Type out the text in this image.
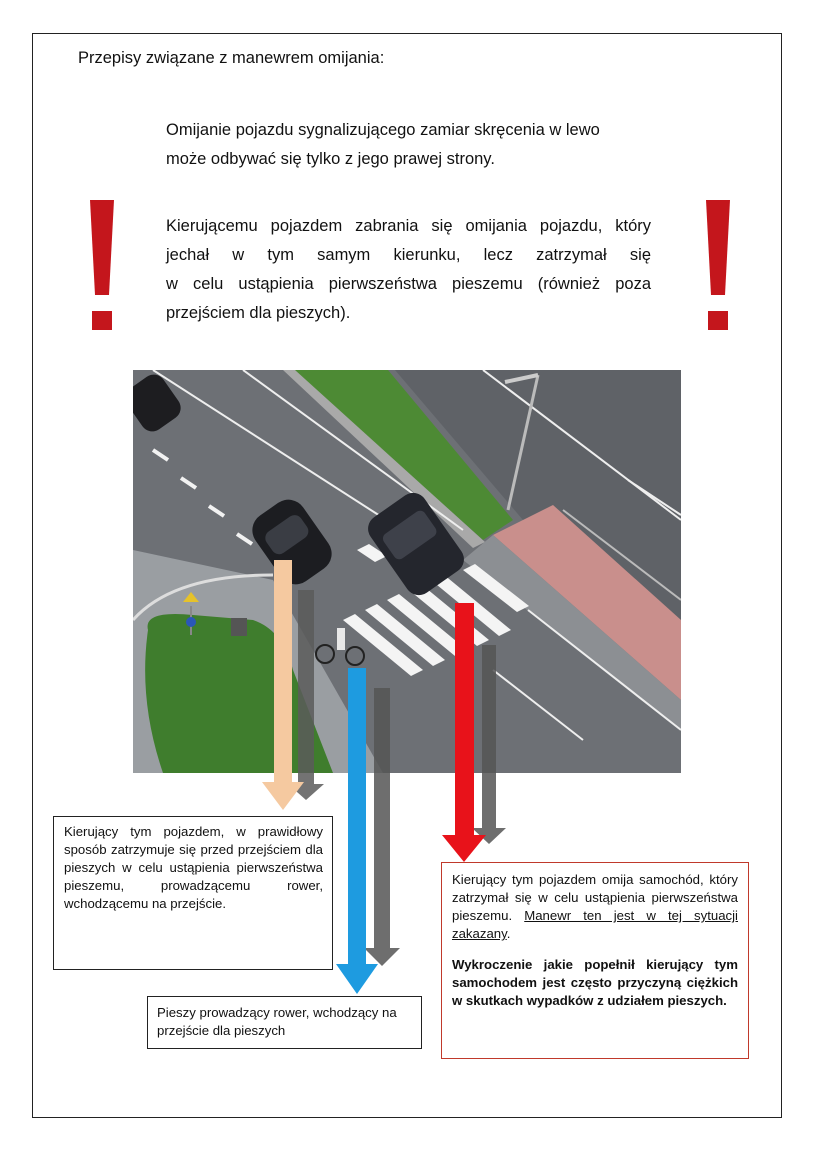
Przepisy związane z manewrem omijania:
Omijanie pojazdu sygnalizującego zamiar skręcenia w lewo
może odbywać się tylko z jego prawej strony.
Kierującemu pojazdem zabrania się omijania pojazdu, który
jechał w tym samym kierunku, lecz zatrzymał się
w celu ustąpienia pierwszeństwa pieszemu (również poza
przejściem dla pieszych).
Kierujący tym pojazdem, w prawidłowy sposób zatrzymuje się przed przejściem dla pieszych w celu ustąpienia pierwszeństwa pieszemu, prowadzącemu rower, wchodzącemu na przejście.
Pieszy prowadzący rower, wchodzący na przejście dla pieszych
Kierujący tym pojazdem omija samochód, który zatrzymał się w celu ustąpienia pierwszeństwa pieszemu. Manewr ten jest w tej sytuacji zakazany.
Wykroczenie jakie popełnił kierujący tym samochodem jest często przyczyną ciężkich w skutkach wypadków z udziałem pieszych.
